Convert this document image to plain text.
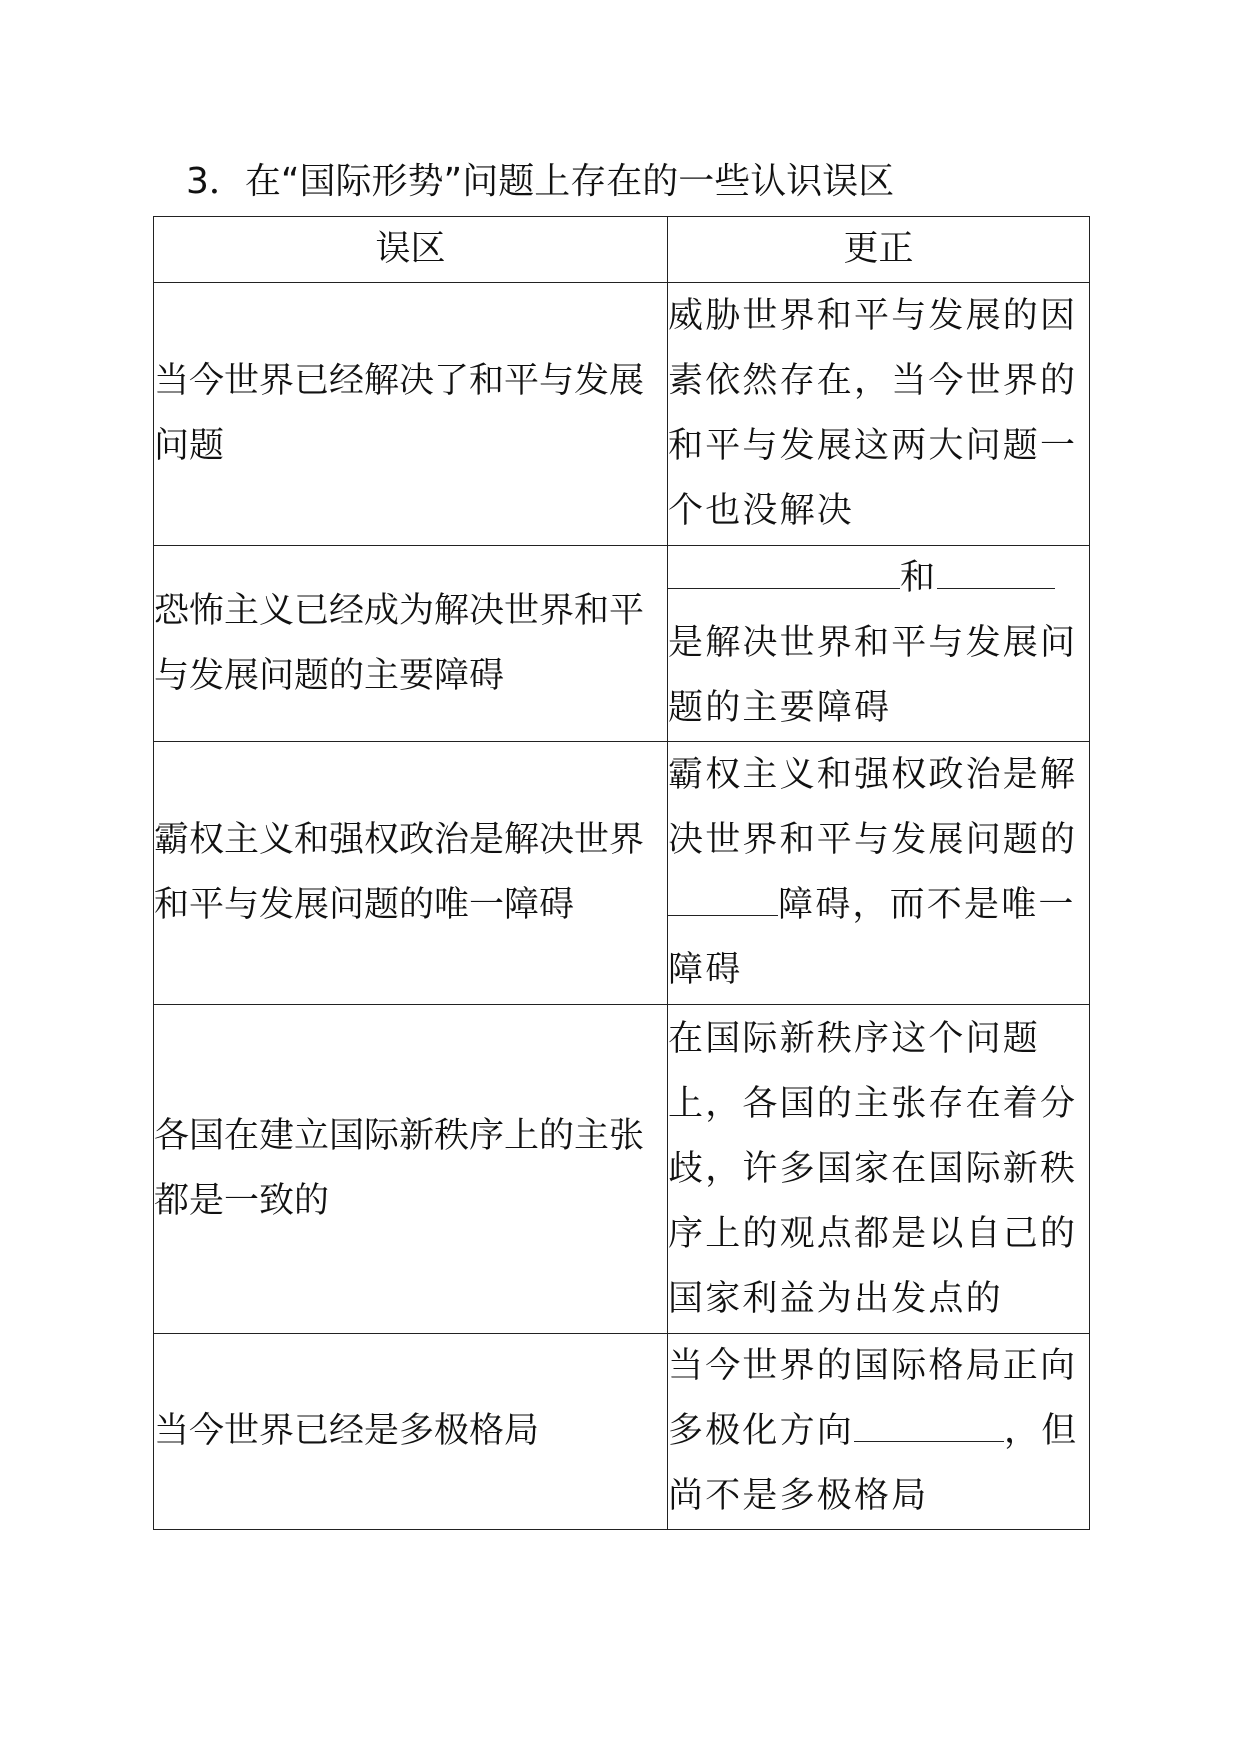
3．在“国际形势”问题上存在的一些认识误区
误区	更正
当今世界已经解决了和平与发展问题	威胁世界和平与发展的因素依然存在，当今世界的和平与发展这两大问题一个也没解决
恐怖主义已经成为解决世界和平与发展问题的主要障碍	和是解决世界和平与发展问题的主要障碍
霸权主义和强权政治是解决世界和平与发展问题的唯一障碍	霸权主义和强权政治是解决世界和平与发展问题的障碍，而不是唯一障碍
各国在建立国际新秩序上的主张都是一致的	在国际新秩序这个问题上，各国的主张存在着分歧，许多国家在国际新秩序上的观点都是以自己的国家利益为出发点的
当今世界已经是多极格局	当今世界的国际格局正向多极化方向 ，但尚不是多极格局
